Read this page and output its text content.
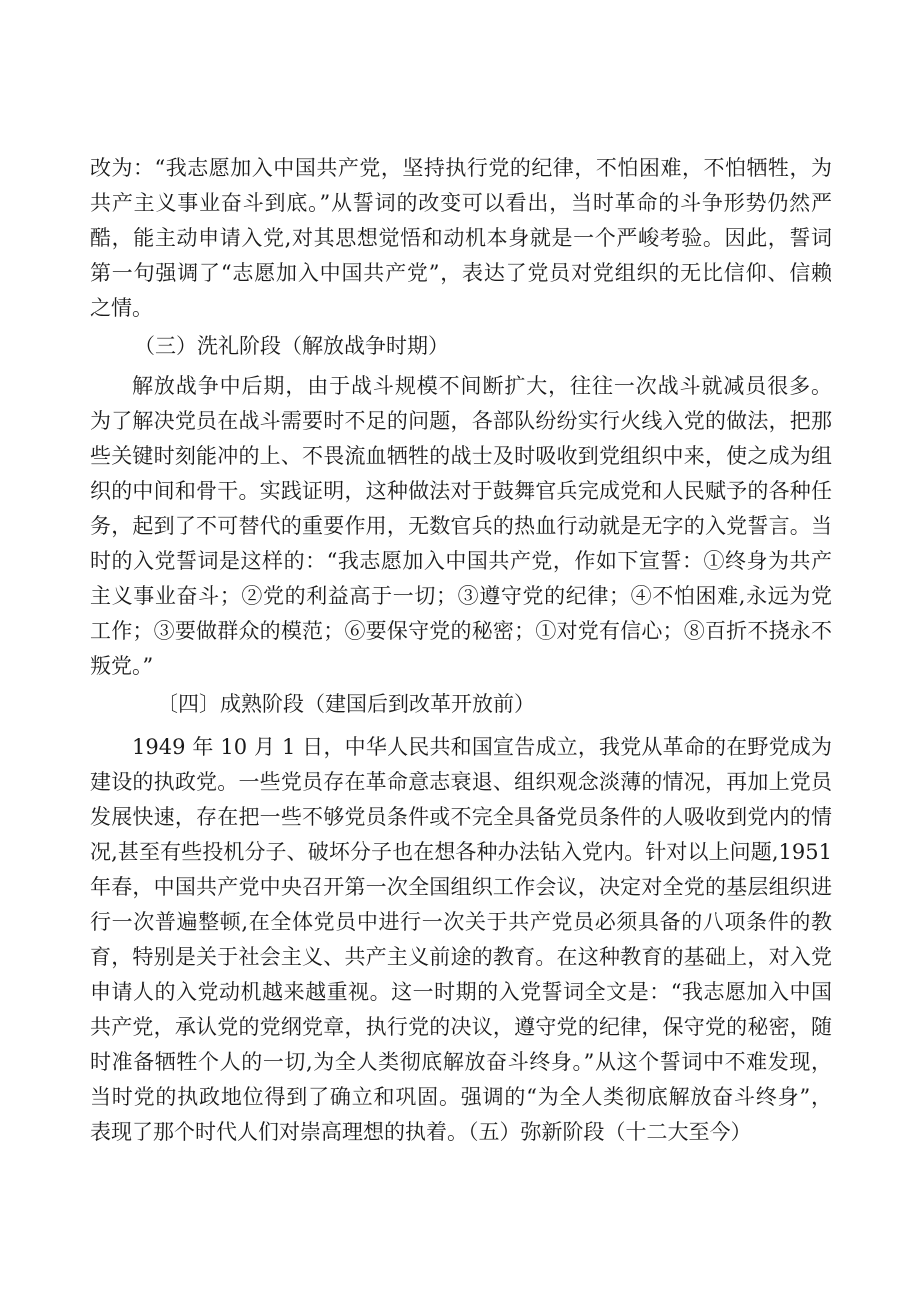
改为：“我志愿加入中国共产党，坚持执行党的纪律，不怕困难，不怕牺牲，为
共产主义事业奋斗到底。”从誓词的改变可以看出，当时革命的斗争形势仍然严
酷，能主动申请入党,对其思想觉悟和动机本身就是一个严峻考验。因此，誓词
第一句强调了“志愿加入中国共产党”，表达了党员对党组织的无比信仰、信赖
之情。
（三）洗礼阶段（解放战争时期）
解放战争中后期，由于战斗规模不间断扩大，往往一次战斗就减员很多。
为了解决党员在战斗需要时不足的问题，各部队纷纷实行火线入党的做法，把那
些关键时刻能冲的上、不畏流血牺牲的战士及时吸收到党组织中来，使之成为组
织的中间和骨干。实践证明，这种做法对于鼓舞官兵完成党和人民赋予的各种任
务，起到了不可替代的重要作用，无数官兵的热血行动就是无字的入党誓言。当
时的入党誓词是这样的：“我志愿加入中国共产党，作如下宣誓：①终身为共产
主义事业奋斗；②党的利益高于一切；③遵守党的纪律；④不怕困难,永远为党
工作；③要做群众的模范；⑥要保守党的秘密；①对党有信心；⑧百折不挠永不
叛党。”
〔四〕成熟阶段（建国后到改革开放前）
1949 年 10 月 1 日，中华人民共和国宣告成立，我党从革命的在野党成为
建设的执政党。一些党员存在革命意志衰退、组织观念淡薄的情况，再加上党员
发展快速，存在把一些不够党员条件或不完全具备党员条件的人吸收到党内的情
况,甚至有些投机分子、破坏分子也在想各种办法钻入党内。针对以上问题,1951
年春，中国共产党中央召开第一次全国组织工作会议，决定对全党的基层组织进
行一次普遍整顿,在全体党员中进行一次关于共产党员必须具备的八项条件的教
育，特别是关于社会主义、共产主义前途的教育。在这种教育的基础上，对入党
申请人的入党动机越来越重视。这一时期的入党誓词全文是：“我志愿加入中国
共产党，承认党的党纲党章，执行党的决议，遵守党的纪律，保守党的秘密，随
时准备牺牲个人的一切,为全人类彻底解放奋斗终身。”从这个誓词中不难发现，
当时党的执政地位得到了确立和巩固。强调的“为全人类彻底解放奋斗终身”，
表现了那个时代人们对崇高理想的执着。（五）弥新阶段（十二大至今）
